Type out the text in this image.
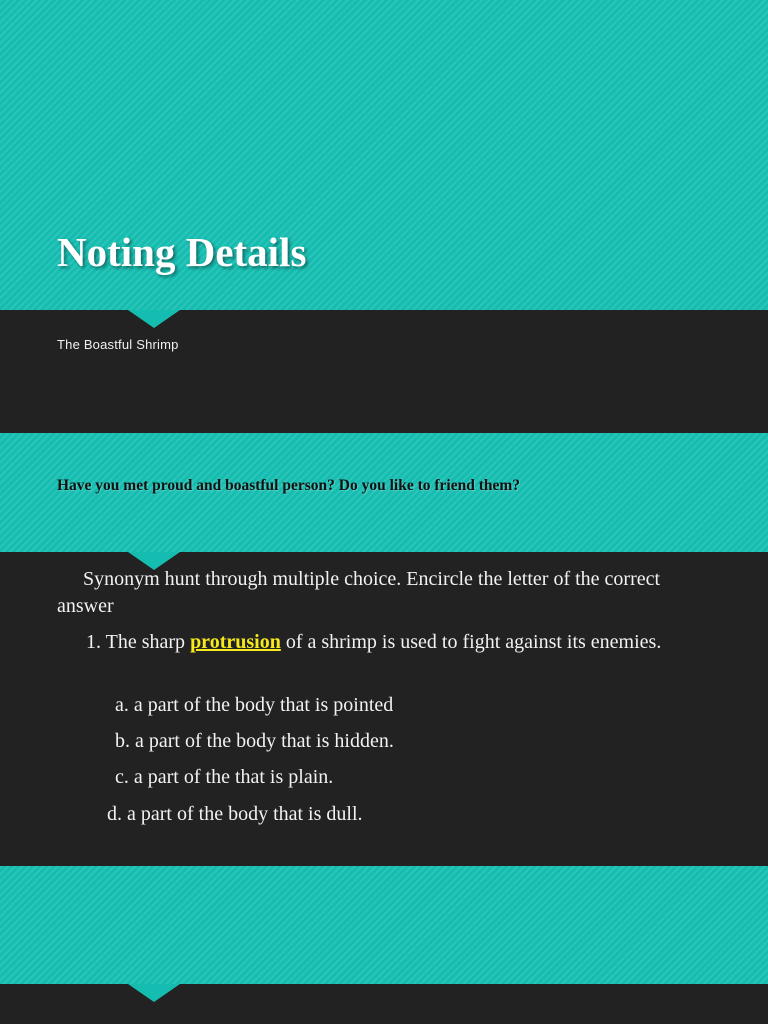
Noting Details
The Boastful Shrimp
Have you met proud and boastful person? Do you like to friend them?
Synonym hunt through multiple choice. Encircle the letter of the correct answer
1. The sharp protrusion of a shrimp is used to fight against its enemies.
a. a part of the body that is pointed
b. a part of the body that is hidden.
c. a part of the that is plain.
d. a part of the body that is dull.
